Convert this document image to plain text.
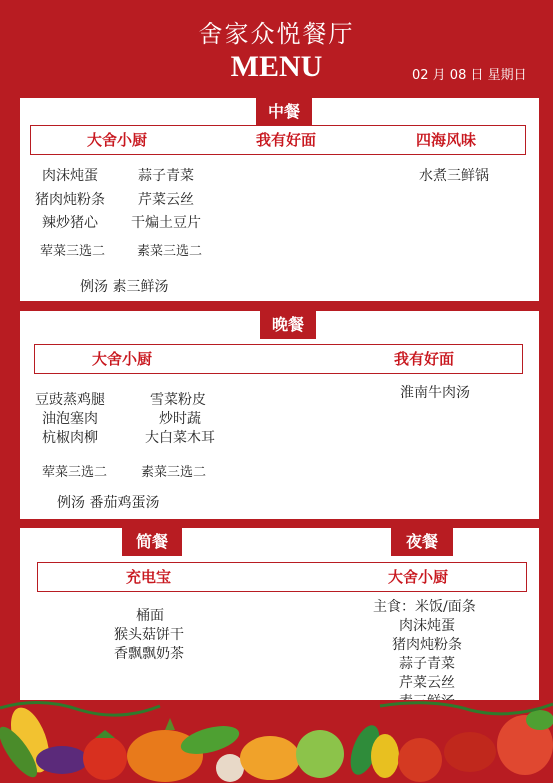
舍家众悦餐厅
MENU	02 月 08 日 星期日
中餐
大舍小厨	我有好面	四海风味
肉沫炖蛋
猪肉炖粉条
辣炒猪心
蒜子青菜
芹菜云丝
干煸土豆片
荤菜三选二 素菜三选二
例汤 素三鲜汤
水煮三鲜锅
晚餐
大舍小厨	我有好面
豆豉蒸鸡腿
油泡塞肉
杭椒肉柳
雪菜粉皮
炒时蔬
大白菜木耳
荤菜三选二	素菜三选二
例汤 番茄鸡蛋汤
淮南牛肉汤
简餐	夜餐
充电宝	大舍小厨
桶面
猴头菇饼干
香飘飘奶茶
主食：米饭/面条
肉沫炖蛋
猪肉炖粉条
蒜子青菜
芹菜云丝
